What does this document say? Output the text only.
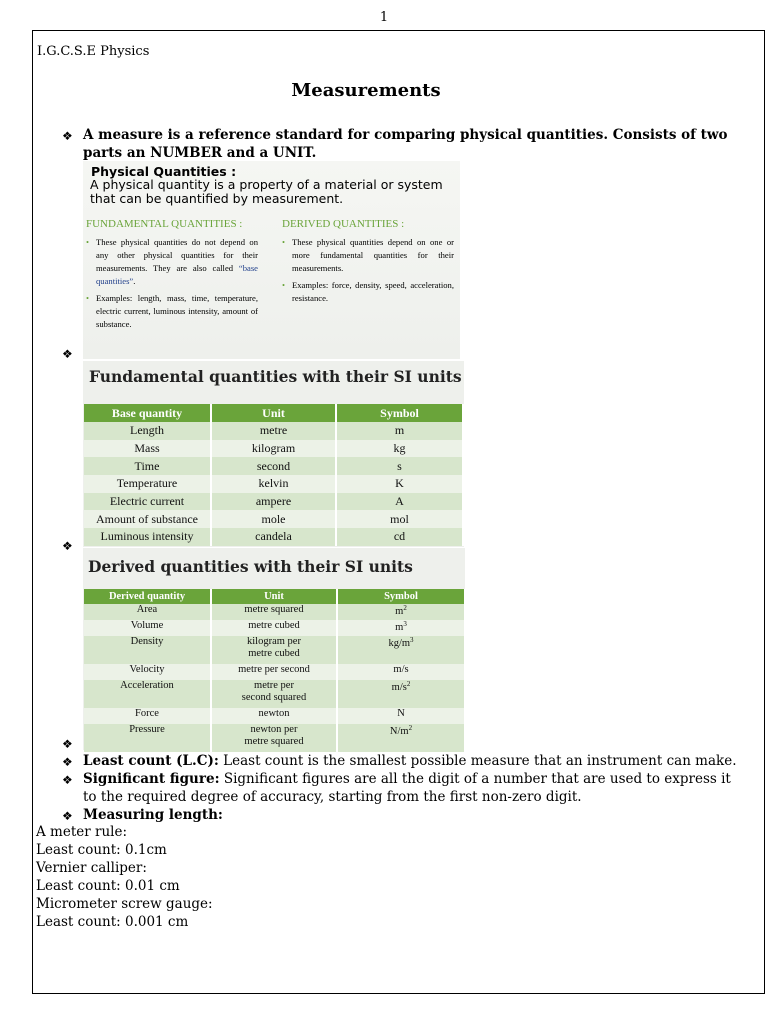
1
I.G.C.S.E Physics
Measurements
❖ A measure is a reference standard for comparing physical quantities. Consists of two parts an NUMBER and a UNIT.
Physical Quantities :
A physical quantity is a property of a material or system that can be quantified by measurement.
FUNDAMENTAL QUANTITIES :
• These physical quantities do not depend on any other physical quantities for their measurements. They are also called “base quantities”.
• Examples: length, mass, time, temperature, electric current, luminous intensity, amount of substance.
DERIVED QUANTITIES :
• These physical quantities depend on one or more fundamental quantities for their measurements.
• Examples: force, density, speed, acceleration, resistance.
❖
Fundamental quantities with their SI units
Base quantity	Unit	Symbol
Length	metre	m
Mass	kilogram	kg
Time	second	s
Temperature	kelvin	K
Electric current	ampere	A
Amount of substance	mole	mol
Luminous intensity	candela	cd
❖
Derived quantities with their SI units
Derived quantity	Unit	Symbol
Area	metre squared	$m^2$
Volume	metre cubed	$m^3$
Density	kilogram per
metre cubed	$kg/m^3$
Velocity	metre per second	m/s
Acceleration	metre per
second squared	$m/s^2$
Force	newton	N
Pressure	newton per
metre squared	$N/m^2$
❖
❖ Least count (L.C): Least count is the smallest possible measure that an instrument can make.
❖ Significant figure: Significant figures are all the digit of a number that are used to express it to the required degree of accuracy, starting from the first non-zero digit.
❖ Measuring length:
A meter rule:
Least count: 0.1cm
Vernier calliper:
Least count: 0.01 cm
Micrometer screw gauge:
Least count: 0.001 cm
